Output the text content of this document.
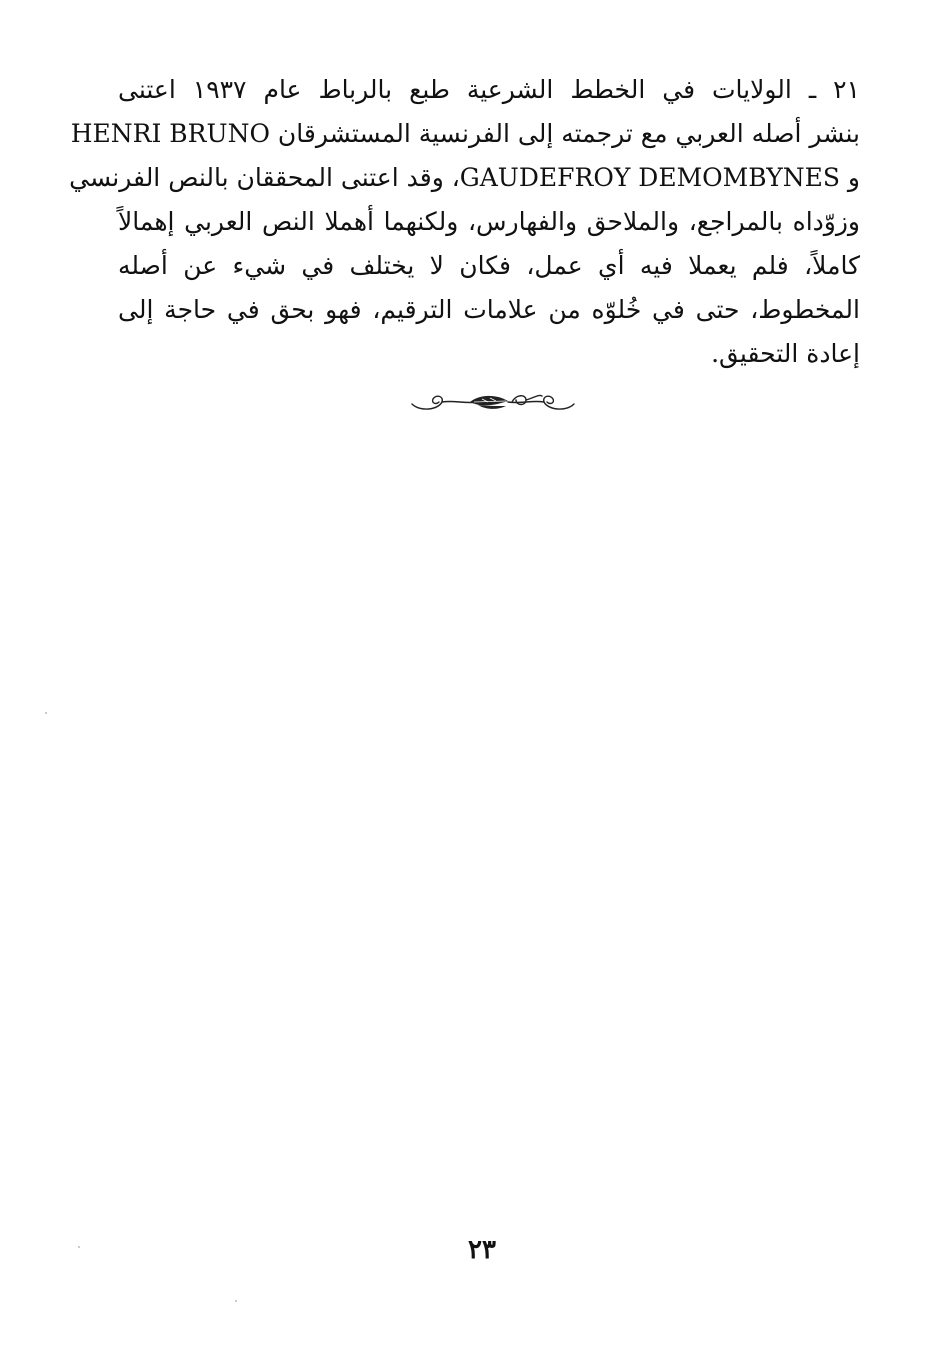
٢١ ـ الولايات في الخطط الشرعية طبع بالرباط عام ١٩٣٧ اعتنى
بنشر أصله العربي مع ترجمته إلى الفرنسية المستشرقان HENRI BRUNO
و GAUDEFROY DEMOMBYNES، وقد اعتنى المحققان بالنص الفرنسي
وزوّداه بالمراجع، والملاحق والفهارس، ولكنهما أهملا النص العربي إهمالاً
كاملاً، فلم يعملا فيه أي عمل، فكان لا يختلف في شيء عن أصله
المخطوط، حتى في خُلوّه من علامات الترقيم، فهو بحق في حاجة إلى
إعادة التحقيق.
٢٣
